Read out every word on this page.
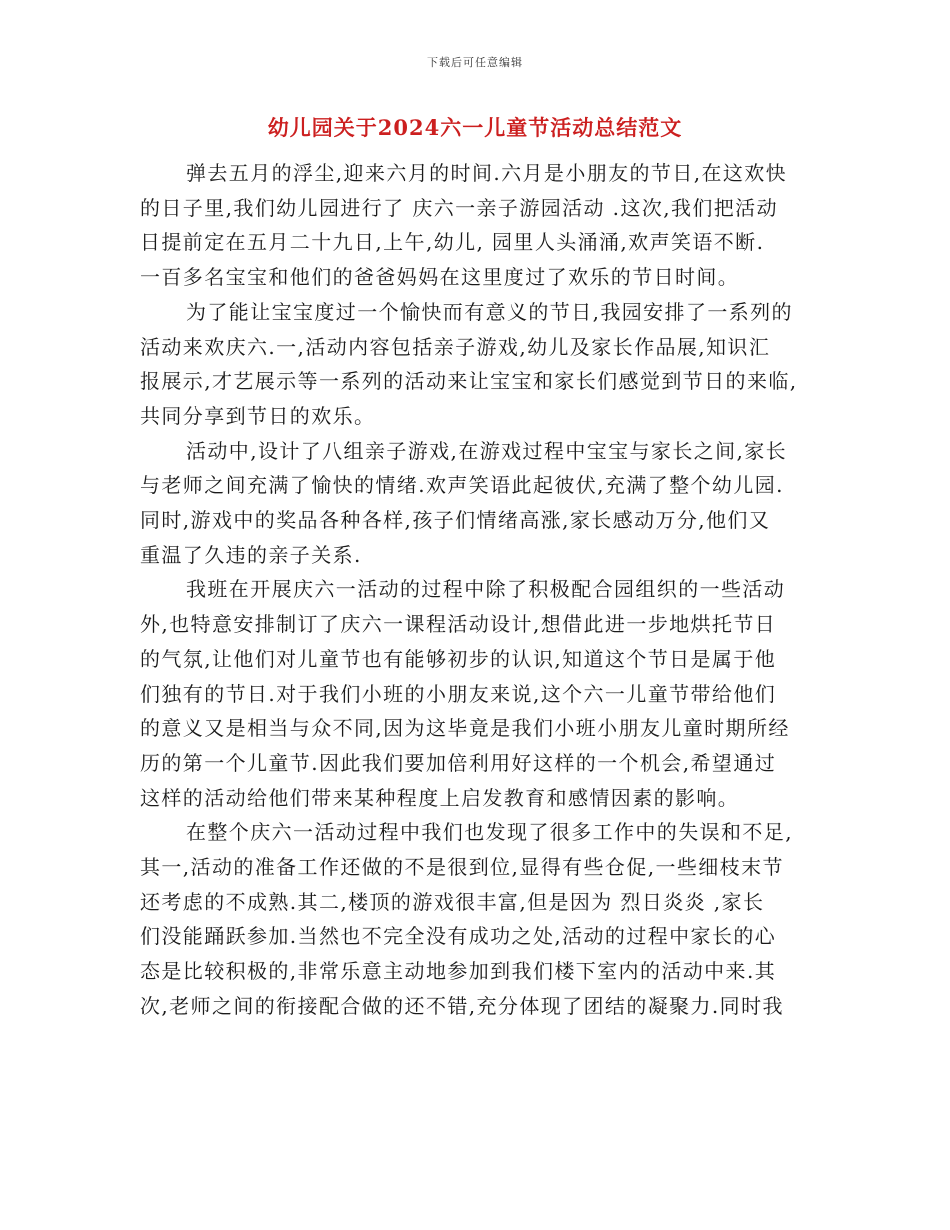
下载后可任意编辑
幼儿园关于2024六一儿童节活动总结范文

弹去五月的浮尘,迎来六月的时间.六月是小朋友的节日,在这欢快
的日子里,我们幼儿园进行了 庆六一亲子游园活动 .这次,我们把活动
日提前定在五月二十九日,上午,幼儿, 园里人头涌涌,欢声笑语不断.
一百多名宝宝和他们的爸爸妈妈在这里度过了欢乐的节日时间。

为了能让宝宝度过一个愉快而有意义的节日,我园安排了一系列的
活动来欢庆六.一,活动内容包括亲子游戏,幼儿及家长作品展,知识汇
报展示,才艺展示等一系列的活动来让宝宝和家长们感觉到节日的来临,
共同分享到节日的欢乐。

活动中,设计了八组亲子游戏,在游戏过程中宝宝与家长之间,家长
与老师之间充满了愉快的情绪.欢声笑语此起彼伏,充满了整个幼儿园.
同时,游戏中的奖品各种各样,孩子们情绪高涨,家长感动万分,他们又
重温了久违的亲子关系.

我班在开展庆六一活动的过程中除了积极配合园组织的一些活动
外,也特意安排制订了庆六一课程活动设计,想借此进一步地烘托节日
的气氛,让他们对儿童节也有能够初步的认识,知道这个节日是属于他
们独有的节日.对于我们小班的小朋友来说,这个六一儿童节带给他们
的意义又是相当与众不同,因为这毕竟是我们小班小朋友儿童时期所经
历的第一个儿童节.因此我们要加倍利用好这样的一个机会,希望通过
这样的活动给他们带来某种程度上启发教育和感情因素的影响。

在整个庆六一活动过程中我们也发现了很多工作中的失误和不足,
其一,活动的准备工作还做的不是很到位,显得有些仓促,一些细枝末节
还考虑的不成熟.其二,楼顶的游戏很丰富,但是因为 烈日炎炎 ,家长
们没能踊跃参加.当然也不完全没有成功之处,活动的过程中家长的心
态是比较积极的,非常乐意主动地参加到我们楼下室内的活动中来.其
次,老师之间的衔接配合做的还不错,充分体现了团结的凝聚力.同时我
